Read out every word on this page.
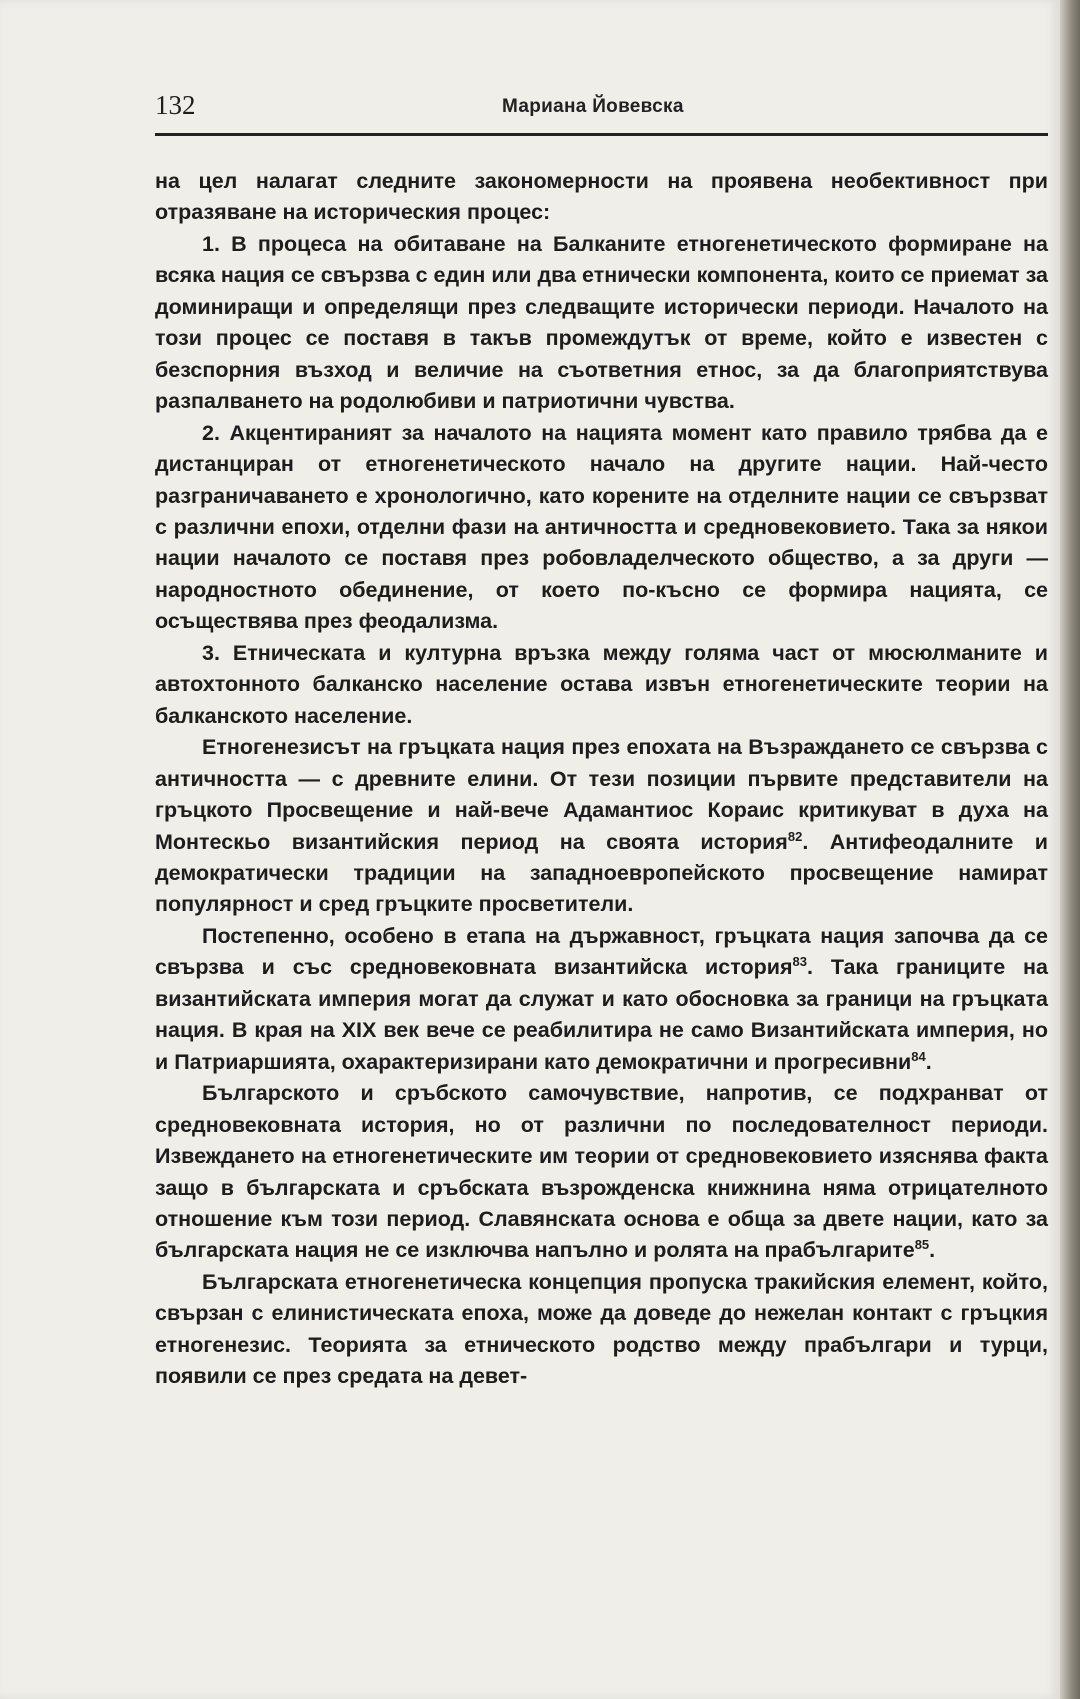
132	Мариана Йовевска

на цел налагат следните закономерности на проявена необективност при отразяване на историческия процес:

1. В процеса на обитаване на Балканите етногенетическото формиране на всяка нация се свързва с един или два етнически компонента, които се приемат за доминиращи и определящи през следващите исторически периоди. Началото на този процес се поставя в такъв промеждутък от време, който е известен с безспорния възход и величие на съответния етнос, за да благоприятствува разпалването на родолюбиви и патриотични чувства.

2. Акцентираният за началото на нацията момент като правило трябва да е дистанциран от етногенетическото начало на другите нации. Най-често разграничаването е хронологично, като корените на отделните нации се свързват с различни епохи, отделни фази на античността и средновековието. Така за някои нации началото се поставя през робовладелческото общество, а за други — народностното обединение, от което по-късно се формира нацията, се осъществява през феодализма.

3. Етническата и културна връзка между голяма част от мюсюлманите и автохтонното балканско население остава извън етногенетическите теории на балканското население.

Етногенезисът на гръцката нация през епохата на Възраждането се свързва с античността — с древните елини. От тези позиции първите представители на гръцкото Просвещение и най-вече Адамантиос Кораис критикуват в духа на Монтескьо византийския период на своята история$^{82}$. Антифеодалните и демократически традиции на западноевропейското просвещение намират популярност и сред гръцките просветители.

Постепенно, особено в етапа на държавност, гръцката нация започва да се свързва и със средновековната византийска история$^{83}$. Така границите на византийската империя могат да служат и като обосновка за граници на гръцката нация. В края на XIX век вече се реабилитира не само Византийската империя, но и Патриаршията, охарактеризирани като демократични и прогресивни$^{84}$.

Българското и сръбското самочувствие, напротив, се подхранват от средновековната история, но от различни по последователност периоди. Извеждането на етногенетическите им теории от средновековието изяснява факта защо в българската и сръбската възрожденска книжнина няма отрицателното отношение към този период. Славянската основа е обща за двете нации, като за българската нация не се изключва напълно и ролята на прабългарите$^{85}$.

Българската етногенетическа концепция пропуска тракийския елемент, който, свързан с елинистическата епоха, може да доведе до нежелан контакт с гръцкия етногенезис. Теорията за етническото родство между прабългари и турци, появили се през средата на девет-
